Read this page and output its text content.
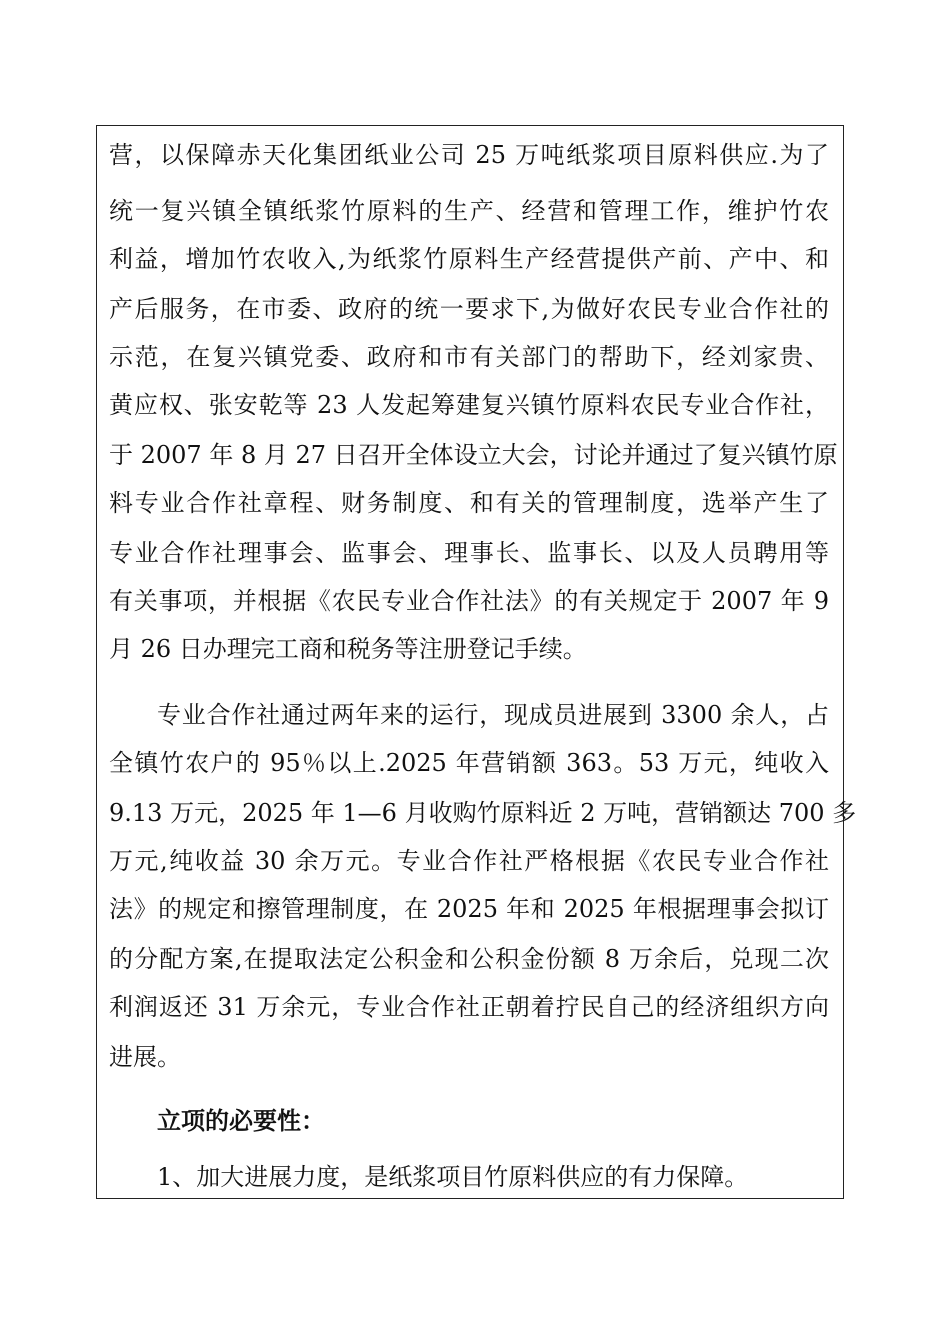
营，以保障赤天化集团纸业公司 25 万吨纸浆项目原料供应.为了
统一复兴镇全镇纸浆竹原料的生产、经营和管理工作，维护竹农
利益，增加竹农收入,为纸浆竹原料生产经营提供产前、产中、和
产后服务，在市委、政府的统一要求下,为做好农民专业合作社的
示范，在复兴镇党委、政府和市有关部门的帮助下，经刘家贵、
黄应权、张安乾等 23 人发起筹建复兴镇竹原料农民专业合作社，
于 2007 年 8 月 27 日召开全体设立大会，讨论并通过了复兴镇竹原
料专业合作社章程、财务制度、和有关的管理制度，选举产生了
专业合作社理事会、监事会、理事长、监事长、以及人员聘用等
有关事项，并根据《农民专业合作社法》的有关规定于 2007 年 9
月 26 日办理完工商和税务等注册登记手续。
专业合作社通过两年来的运行，现成员进展到 3300 余人，占
全镇竹农户的 95％以上.2025 年营销额 363。53 万元，纯收入
9.13 万元，2025 年 1—6 月收购竹原料近 2 万吨，营销额达 700 多
万元,纯收益 30 余万元。专业合作社严格根据《农民专业合作社
法》的规定和擦管理制度，在 2025 年和 2025 年根据理事会拟订
的分配方案,在提取法定公积金和公积金份额 8 万余后，兑现二次
利润返还 31 万余元，专业合作社正朝着拧民自己的经济组织方向
进展。
立项的必要性：
1、加大进展力度，是纸浆项目竹原料供应的有力保障。
